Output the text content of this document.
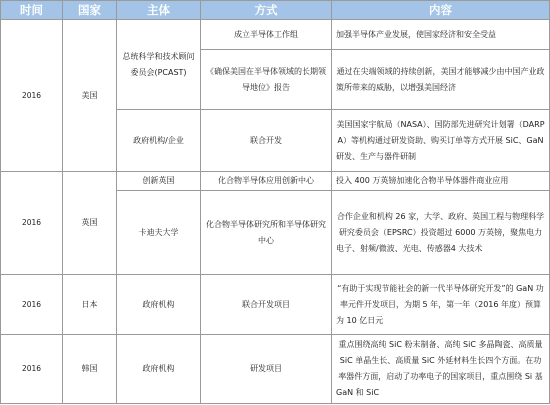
时间	国家	主体	方式	内容
2016	美国	总统科学和技术顾问委员会(PCAST)	成立半导体工作组	加强半导体产业发展，使国家经济和安全受益
			《确保美国在半导体领域的长期领导地位》报告	通过在尖端领域的持续创新，美国才能够减少由中国产业政策所带来的威胁，以增强美国经济
		政府机构/企业	联合开发	美国国家宇航局（NASA）、国防部先进研究计划署（DARPA）等机构通过研发资助、购买订单等方式开展 SiC、GaN 研发、生产与器件研制
2016	英国	创新英国	化合物半导体应用创新中心	投入 400 万英镑加速化合物半导体器件商业应用
		卡迪夫大学	化合物半导体研究所和半导体研究中心	合作企业和机构 26 家，大学、政府、英国工程与物理科学研究委员会（EPSRC）投资超过 6000 万英镑，聚焦电力电子、射频/微波、光电、传感器4 大技术
2016	日本	政府机构	联合开发项目	“有助于实现节能社会的新一代半导体研究开发”的 GaN 功率元件开发项目，为期 5 年，第一年（2016 年度）预算为 10 亿日元
2016	韩国	政府机构	研发项目	重点围绕高纯 SiC 粉末制备、高纯 SiC 多晶陶瓷、高质量 SiC 单晶生长、高质量 SiC 外延材料生长四个方面。在功率器件方面，启动了功率电子的国家项目，重点围绕 Si 基 GaN 和 SiC
